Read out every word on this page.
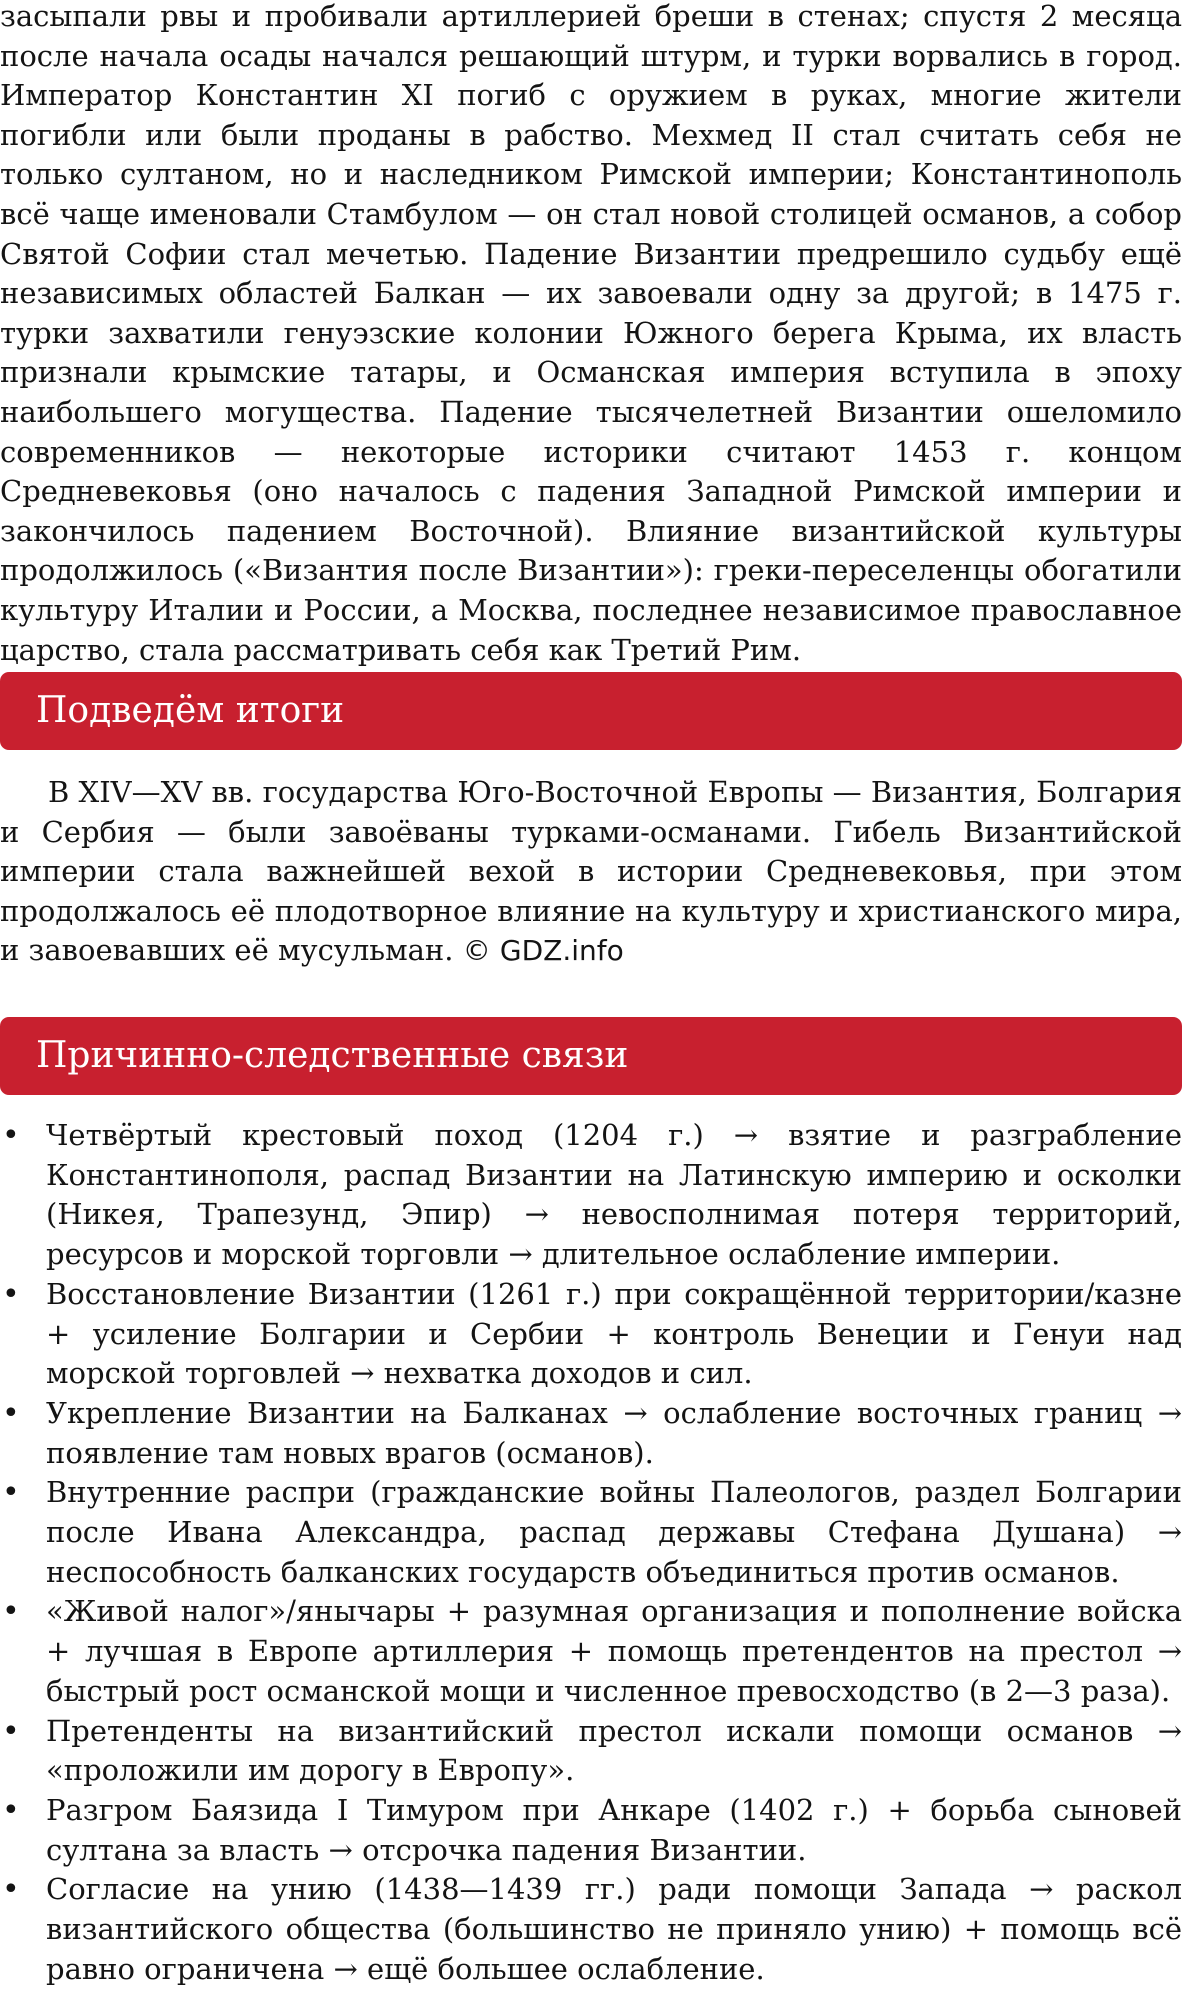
засыпали рвы и пробивали артиллерией бреши в стенах; спустя 2 месяца после начала осады начался решающий штурм, и турки ворвались в город. Император Константин XI погиб с оружием в руках, многие жители погибли или были проданы в рабство. Мехмед II стал считать себя не только султаном, но и наследником Римской империи; Константинополь всё чаще именовали Стамбулом — он стал новой столицей османов, а собор Святой Софии стал мечетью. Падение Византии предрешило судьбу ещё независимых областей Балкан — их завоевали одну за другой; в 1475 г. турки захватили генуэзские колонии Южного берега Крыма, их власть признали крымские татары, и Османская империя вступила в эпоху наибольшего могущества. Падение тысячелетней Византии ошеломило современников — некоторые историки считают 1453 г. концом Средневековья (оно началось с падения Западной Римской империи и закончилось падением Восточной). Влияние византийской культуры продолжилось («Византия после Византии»): греки-переселенцы обогатили культуру Италии и России, а Москва, последнее независимое православное царство, стала рассматривать себя как Третий Рим.

Подведём итоги

В XIV—XV вв. государства Юго-Восточной Европы — Византия, Болгария и Сербия — были завоёваны турками-османами. Гибель Византийской империи стала важнейшей вехой в истории Средневековья, при этом продолжалось её плодотворное влияние на культуру и христианского мира, и завоевавших её мусульман. © GDZ.info

Причинно-следственные связи
• Четвёртый крестовый поход (1204 г.) → взятие и разграбление Константинополя, распад Византии на Латинскую империю и осколки (Никея, Трапезунд, Эпир) → невосполнимая потеря территорий, ресурсов и морской торговли → длительное ослабление империи.
• Восстановление Византии (1261 г.) при сокращённой территории/казне + усиление Болгарии и Сербии + контроль Венеции и Генуи над морской торговлей → нехватка доходов и сил.
• Укрепление Византии на Балканах → ослабление восточных границ → появление там новых врагов (османов).
• Внутренние распри (гражданские войны Палеологов, раздел Болгарии после Ивана Александра, распад державы Стефана Душана) → неспособность балканских государств объединиться против османов.
• «Живой налог»/янычары + разумная организация и пополнение войска + лучшая в Европе артиллерия + помощь претендентов на престол → быстрый рост османской мощи и численное превосходство (в 2—3 раза).
• Претенденты на византийский престол искали помощи османов → «проложили им дорогу в Европу».
• Разгром Баязида I Тимуром при Анкаре (1402 г.) + борьба сыновей султана за власть → отсрочка падения Византии.
• Согласие на унию (1438—1439 гг.) ради помощи Запада → раскол византийского общества (большинство не приняло унию) + помощь всё равно ограничена → ещё большее ослабление.
